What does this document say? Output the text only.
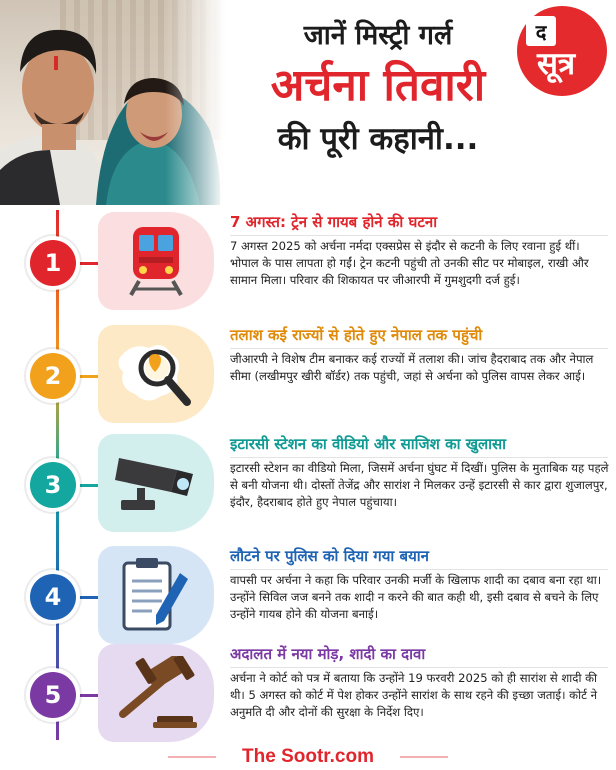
जानें मिस्ट्री गर्ल
अर्चना तिवारी
की पूरी कहानी...
द
सूत्र
1
7 अगस्त: ट्रेन से गायब होने की घटना
7 अगस्त 2025 को अर्चना नर्मदा एक्सप्रेस से इंदौर से कटनी के लिए रवाना हुई थीं। भोपाल के पास लापता हो गईं। ट्रेन कटनी पहुंची तो उनकी सीट पर मोबाइल, राखी और सामान मिला। परिवार की शिकायत पर जीआरपी में गुमशुदगी दर्ज हुई।
2
तलाश कई राज्यों से होते हुए नेपाल तक पहुंची
जीआरपी ने विशेष टीम बनाकर कई राज्यों में तलाश की। जांच हैदराबाद तक और नेपाल सीमा (लखीमपुर खीरी बॉर्डर) तक पहुंची, जहां से अर्चना को पुलिस वापस लेकर आई।
3
इटारसी स्टेशन का वीडियो और साजिश का खुलासा
इटारसी स्टेशन का वीडियो मिला, जिसमें अर्चना घुंघट में दिखीं। पुलिस के मुताबिक यह पहले से बनी योजना थी। दोस्तों तेजेंद्र और सारांश ने मिलकर उन्हें इटारसी से कार द्वारा शुजालपुर, इंदौर, हैदराबाद होते हुए नेपाल पहुंचाया।
4
लौटने पर पुलिस को दिया गया बयान
वापसी पर अर्चना ने कहा कि परिवार उनकी मर्जी के खिलाफ शादी का दबाव बना रहा था। उन्होंने सिविल जज बनने तक शादी न करने की बात कही थी, इसी दबाव से बचने के लिए उन्होंने गायब होने की योजना बनाई।
5
अदालत में नया मोड़, शादी का दावा
अर्चना ने कोर्ट को पत्र में बताया कि उन्होंने 19 फरवरी 2025 को ही सारांश से शादी की थी। 5 अगस्त को कोर्ट में पेश होकर उन्होंने सारांश के साथ रहने की इच्छा जताई। कोर्ट ने अनुमति दी और दोनों की सुरक्षा के निर्देश दिए।
The Sootr.com
